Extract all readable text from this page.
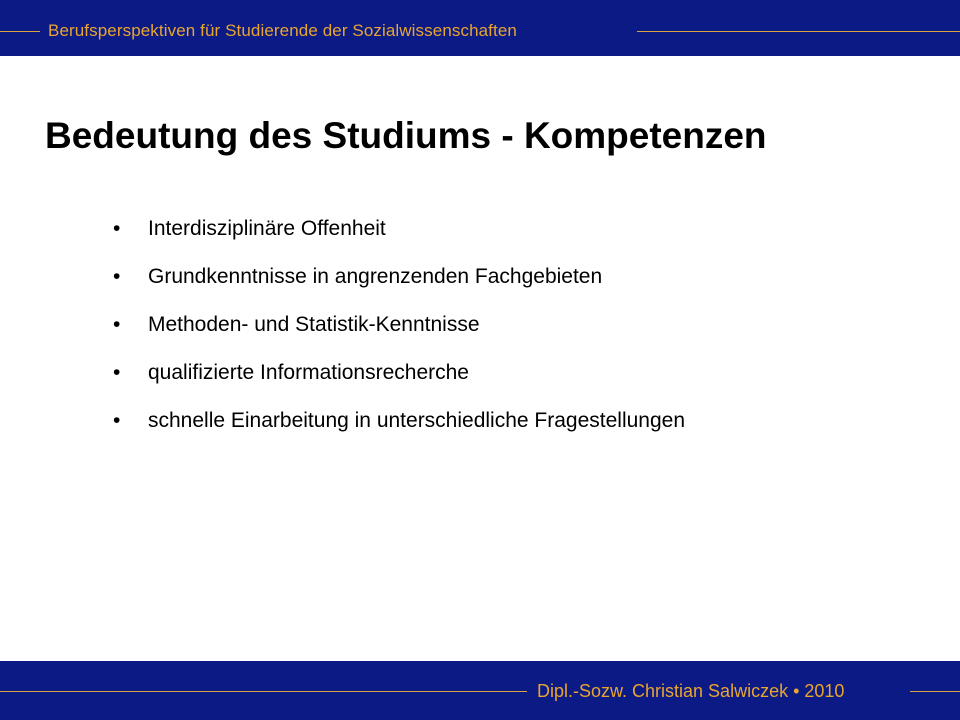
Berufsperspektiven für Studierende der Sozialwissenschaften
Bedeutung des Studiums - Kompetenzen
•	Interdisziplinäre Offenheit
•	Grundkenntnisse in angrenzenden Fachgebieten
•	Methoden- und Statistik-Kenntnisse
•	qualifizierte Informationsrecherche
•	schnelle Einarbeitung in unterschiedliche Fragestellungen
Dipl.-Sozw. Christian Salwiczek • 2010
